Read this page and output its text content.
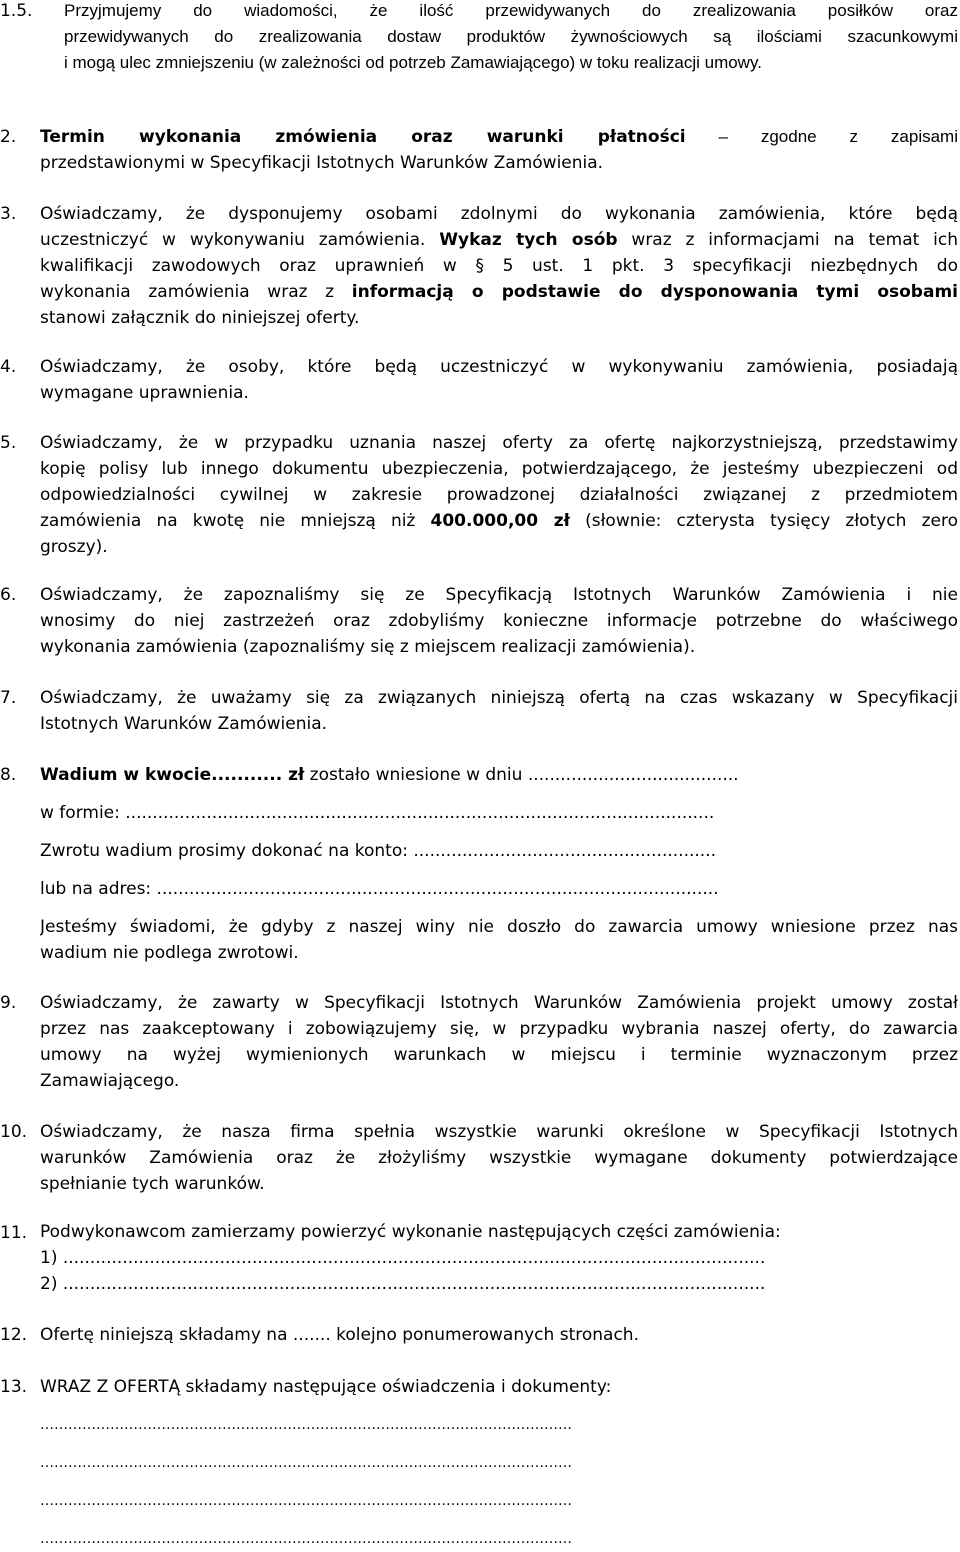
1.5.	Przyjmujemy do wiadomości, że ilość przewidywanych do zrealizowania posiłków oraz
przewidywanych do zrealizowania dostaw produktów żywnościowych są ilościami szacunkowymi
i mogą ulec zmniejszeniu (w zależności od potrzeb Zamawiającego) w toku realizacji umowy.
2.	Termin wykonania zmówienia oraz warunki płatności – zgodne z zapisami
przedstawionymi w Specyfikacji Istotnych Warunków Zamówienia.
3.	Oświadczamy, że dysponujemy osobami zdolnymi do wykonania zamówienia, które będą
uczestniczyć w wykonywaniu zamówienia. Wykaz tych osób wraz z informacjami na temat ich
kwalifikacji zawodowych oraz uprawnień w § 5 ust. 1 pkt. 3 specyfikacji niezbędnych do
wykonania zamówienia wraz z informacją o podstawie do dysponowania tymi osobami
stanowi załącznik do niniejszej oferty.
4.	Oświadczamy, że osoby, które będą uczestniczyć w wykonywaniu zamówienia, posiadają
wymagane uprawnienia.
5.	Oświadczamy, że w przypadku uznania naszej oferty za ofertę najkorzystniejszą, przedstawimy
kopię polisy lub innego dokumentu ubezpieczenia, potwierdzającego, że jesteśmy ubezpieczeni od
odpowiedzialności cywilnej w zakresie prowadzonej działalności związanej z przedmiotem
zamówienia na kwotę nie mniejszą niż 400.000,00 zł (słownie: czterysta tysięcy złotych zero
groszy).
6.	Oświadczamy, że zapoznaliśmy się ze Specyfikacją Istotnych Warunków Zamówienia i nie
wnosimy do niej zastrzeżeń oraz zdobyliśmy konieczne informacje potrzebne do właściwego
wykonania zamówienia (zapoznaliśmy się z miejscem realizacji zamówienia).
7.	Oświadczamy, że uważamy się za związanych niniejszą ofertą na czas wskazany w Specyfikacji
Istotnych Warunków Zamówienia.
8.	Wadium w kwocie........... zł zostało wniesione w dniu .......................................
w formie: .............................................................................................................
Zwrotu wadium prosimy dokonać na konto: ........................................................
lub na adres: ........................................................................................................
Jesteśmy świadomi, że gdyby z naszej winy nie doszło do zawarcia umowy wniesione przez nas
wadium nie podlega zwrotowi.
9.	Oświadczamy, że zawarty w Specyfikacji Istotnych Warunków Zamówienia projekt umowy został
przez nas zaakceptowany i zobowiązujemy się, w przypadku wybrania naszej oferty, do zawarcia
umowy na wyżej wymienionych warunkach w miejscu i terminie wyznaczonym przez
Zamawiającego.
10. Oświadczamy, że nasza firma spełnia wszystkie warunki określone w Specyfikacji Istotnych
warunków Zamówienia oraz że złożyliśmy wszystkie wymagane dokumenty potwierdzające
spełnianie tych warunków.
11. Podwykonawcom zamierzamy powierzyć wykonanie następujących części zamówienia:
1) ..................................................................................................................................
2) ..................................................................................................................................
12. Ofertę niniejszą składamy na ....... kolejno ponumerowanych stronach.
13. WRAZ Z OFERTĄ składamy następujące oświadczenia i dokumenty:
……………………………………………………………………………………………………
……………………………………………………………………………………………………
……………………………………………………………………………………………………
……………………………………………………………………………………………………
